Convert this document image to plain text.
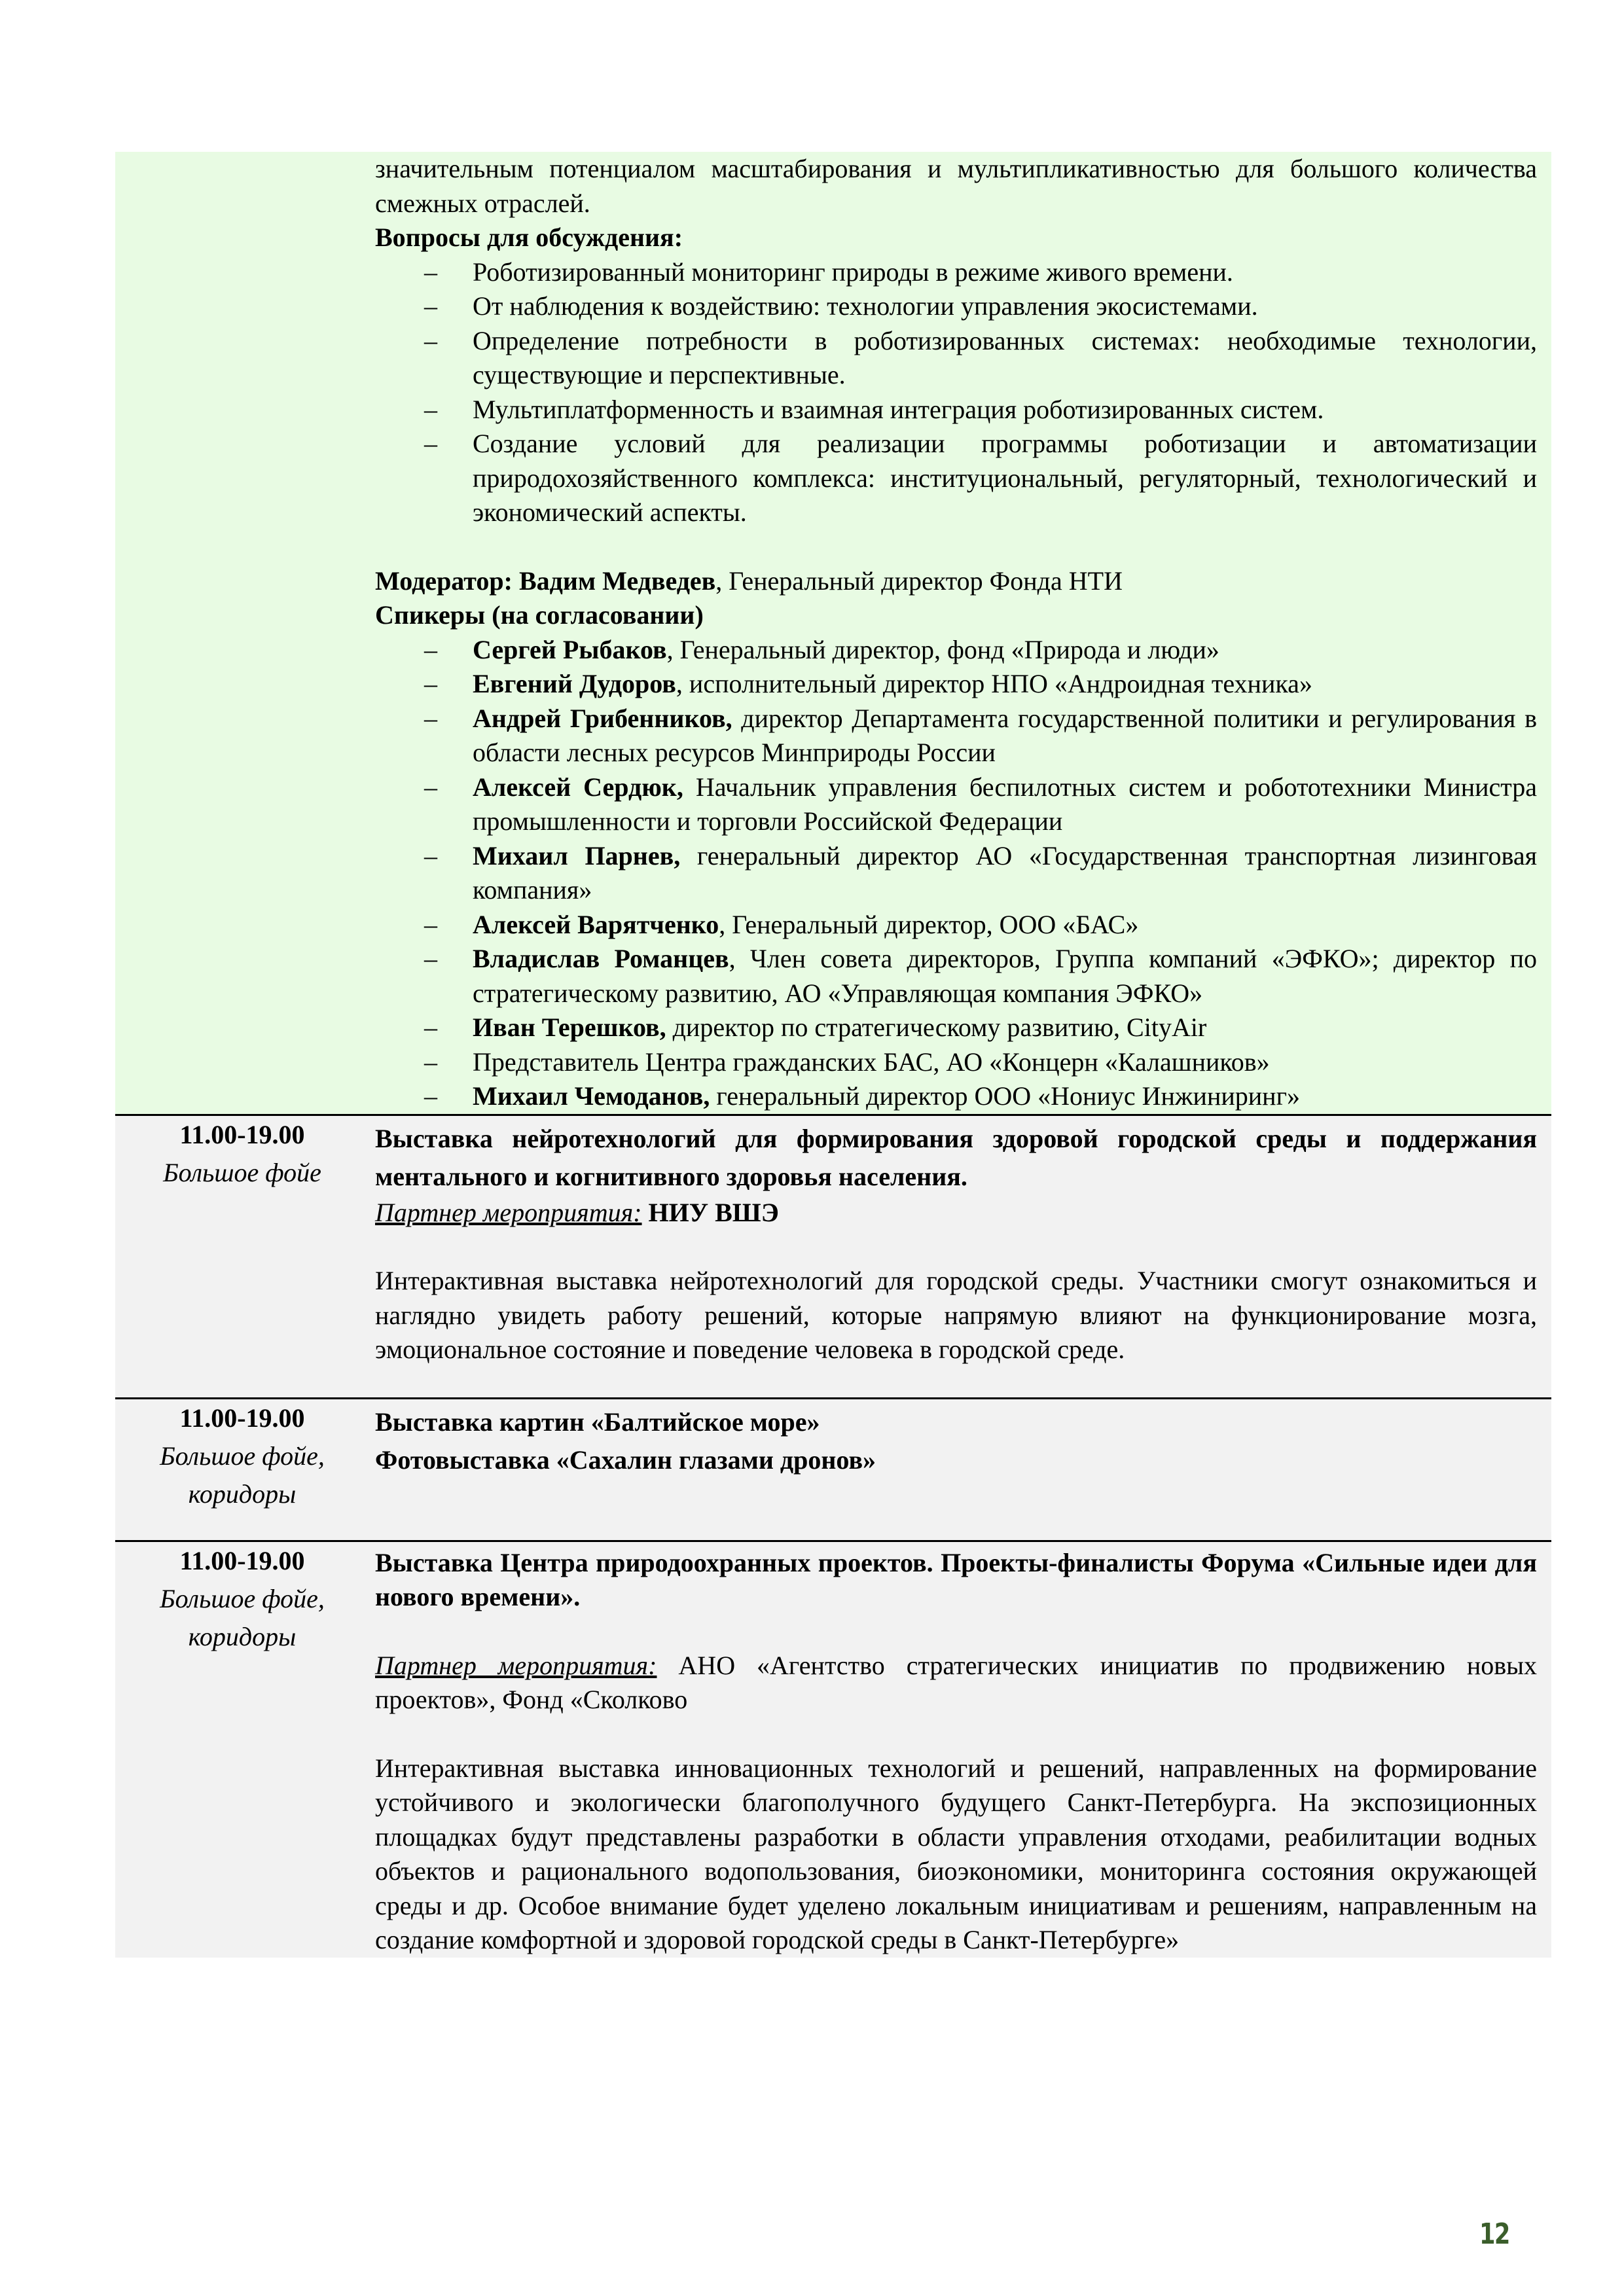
значительным потенциалом масштабирования и мультипликативностью для большого количества смежных отраслей.

Вопросы для обсуждения:

– Роботизированный мониторинг природы в режиме живого времени.
– От наблюдения к воздействию: технологии управления экосистемами.
– Определение потребности в роботизированных системах: необходимые технологии, существующие и перспективные.
– Мультиплатформенность и взаимная интеграция роботизированных систем.
– Создание условий для реализации программы роботизации и автоматизации природохозяйственного комплекса: институциональный, регуляторный, технологический и экономический аспекты.

Модератор: Вадим Медведев, Генеральный директор Фонда НТИ

Спикеры (на согласовании)

– Сергей Рыбаков, Генеральный директор, фонд «Природа и люди»
– Евгений Дудоров, исполнительный директор НПО «Андроидная техника»
– Андрей Грибенников, директор Департамента государственной политики и регулирования в области лесных ресурсов Минприроды России
– Алексей Сердюк, Начальник управления беспилотных систем и робототехники Министра промышленности и торговли Российской Федерации
– Михаил Парнев, генеральный директор АО «Государственная транспортная лизинговая компания»
– Алексей Варятченко, Генеральный директор, ООО «БАС»
– Владислав Романцев, Член совета директоров, Группа компаний «ЭФКО»; директор по стратегическому развитию, АО «Управляющая компания ЭФКО»
– Иван Терешков, директор по стратегическому развитию, CityAir
– Представитель Центра гражданских БАС, АО «Концерн «Калашников»
– Михаил Чемоданов, генеральный директор ООО «Нониус Инжиниринг»
11.00-19.00
Большое фойе

Выставка нейротехнологий для формирования здоровой городской среды и поддержания ментального и когнитивного здоровья населения.

Партнер мероприятия: НИУ ВШЭ

Интерактивная выставка нейротехнологий для городской среды. Участники смогут ознакомиться и наглядно увидеть работу решений, которые напрямую влияют на функционирование мозга, эмоциональное состояние и поведение человека в городской среде.

11.00-19.00
Большое фойе,
коридоры

Выставка картин «Балтийское море»

Фотовыставка «Сахалин глазами дронов»

11.00-19.00
Большое фойе,
коридоры

Выставка Центра природоохранных проектов. Проекты-финалисты Форума «Сильные идеи для нового времени».

Партнер мероприятия: АНО «Агентство стратегических инициатив по продвижению новых проектов», Фонд «Сколково

Интерактивная выставка инновационных технологий и решений, направленных на формирование устойчивого и экологически благополучного будущего Санкт-Петербурга. На экспозиционных площадках будут представлены разработки в области управления отходами, реабилитации водных объектов и рационального водопользования, биоэкономики, мониторинга состояния окружающей среды и др. Особое внимание будет уделено локальным инициативам и решениям, направленным на создание комфортной и здоровой городской среды в Санкт-Петербурге»

12
